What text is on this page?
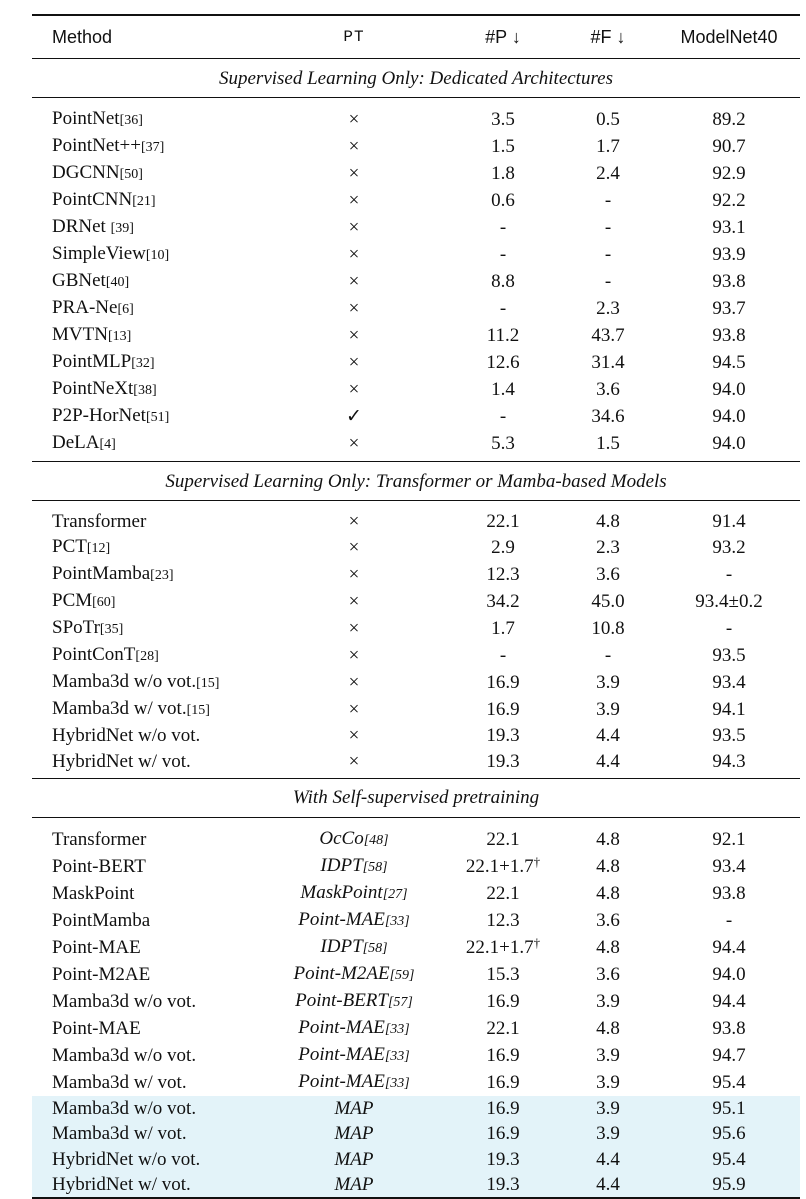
Method	PT	#P ↓	#F ↓	ModelNet40
Supervised Learning Only: Dedicated Architectures				

PointNet[36]	×	3.5	0.5	89.2
PointNet++[37]	×	1.5	1.7	90.7
DGCNN[50]	×	1.8	2.4	92.9
PointCNN[21]	×	0.6	-	92.2
DRNet [39]	×	-	-	93.1
SimpleView[10]	×	-	-	93.9
GBNet[40]	×	8.8	-	93.8
PRA-Ne[6]	×	-	2.3	93.7
MVTN[13]	×	11.2	43.7	93.8
PointMLP[32]	×	12.6	31.4	94.5
PointNeXt[38]	×	1.4	3.6	94.0
P2P-HorNet[51]	✓	-	34.6	94.0
DeLA[4]	×	5.3	1.5	94.0

Supervised Learning Only: Transformer or Mamba-based Models				

Transformer	×	22.1	4.8	91.4
PCT[12]	×	2.9	2.3	93.2
PointMamba[23]	×	12.3	3.6	-
PCM[60]	×	34.2	45.0	93.4±0.2
SPoTr[35]	×	1.7	10.8	-
PointConT[28]	×	-	-	93.5
Mamba3d w/o vot.[15]	×	16.9	3.9	93.4
Mamba3d w/ vot.[15]	×	16.9	3.9	94.1
HybridNet w/o vot.	×	19.3	4.4	93.5
HybridNet w/ vot.	×	19.3	4.4	94.3

With Self-supervised pretraining				

Transformer	OcCo[48]	22.1	4.8	92.1
Point-BERT	IDPT[58]	22.1+1.7†	4.8	93.4
MaskPoint	MaskPoint[27]	22.1	4.8	93.8
PointMamba	Point-MAE[33]	12.3	3.6	-
Point-MAE	IDPT[58]	22.1+1.7†	4.8	94.4
Point-M2AE	Point-M2AE[59]	15.3	3.6	94.0
Mamba3d w/o vot.	Point-BERT[57]	16.9	3.9	94.4
Point-MAE	Point-MAE[33]	22.1	4.8	93.8
Mamba3d w/o vot.	Point-MAE[33]	16.9	3.9	94.7
Mamba3d w/ vot.	Point-MAE[33]	16.9	3.9	95.4
Mamba3d w/o vot.	MAP	16.9	3.9	95.1
Mamba3d w/ vot.	MAP	16.9	3.9	95.6
HybridNet w/o vot.	MAP	19.3	4.4	95.4
HybridNet w/ vot.	MAP	19.3	4.4	95.9
